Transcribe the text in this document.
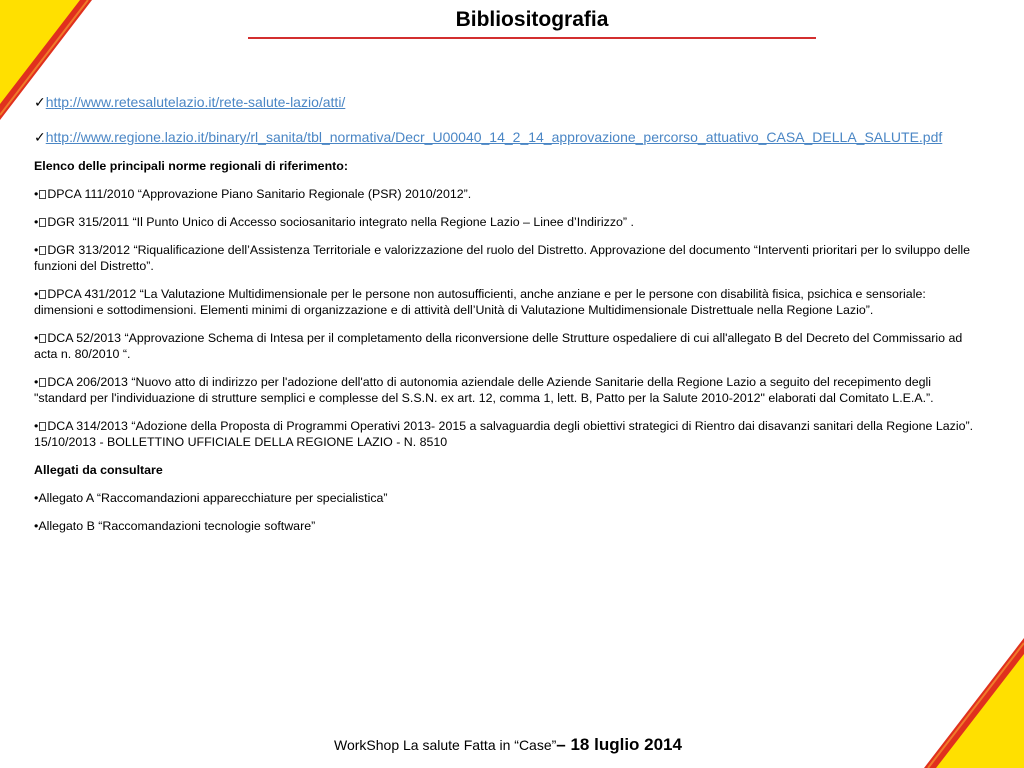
Bibliositografia
✓http://www.retesalutelazio.it/rete-salute-lazio/atti/
✓http://www.regione.lazio.it/binary/rl_sanita/tbl_normativa/Decr_U00040_14_2_14_approvazione_percorso_attuativo_CASA_DELLA_SALUTE.pdf
Elenco delle principali norme regionali di riferimento:
• DPCA 111/2010 “Approvazione Piano Sanitario Regionale (PSR) 2010/2012”.
• DGR 315/2011 “Il Punto Unico di Accesso sociosanitario integrato nella Regione Lazio – Linee d’Indirizzo” .
• DGR 313/2012 “Riqualificazione dell’Assistenza Territoriale e valorizzazione del ruolo del Distretto. Approvazione del documento “Interventi prioritari per lo sviluppo delle funzioni del Distretto”.
• DPCA 431/2012 “La Valutazione Multidimensionale per le persone non autosufficienti, anche anziane e per le persone con disabilità fisica, psichica e sensoriale: dimensioni e sottodimensioni. Elementi minimi di organizzazione e di attività dell’Unità di Valutazione Multidimensionale Distrettuale nella Regione Lazio”.
• DCA 52/2013 “Approvazione Schema di Intesa per il completamento della riconversione delle Strutture ospedaliere di cui all'allegato B del Decreto del Commissario ad acta n. 80/2010 “.
• DCA 206/2013 “Nuovo atto di indirizzo per l'adozione dell'atto di autonomia aziendale delle Aziende Sanitarie della Regione Lazio a seguito del recepimento degli "standard per l'individuazione di strutture semplici e complesse del S.S.N. ex art. 12, comma 1, lett. B, Patto per la Salute 2010-2012" elaborati dal Comitato L.E.A.”.
• DCA 314/2013 “Adozione della Proposta di Programmi Operativi 2013- 2015 a salvaguardia degli obiettivi strategici di Rientro dai disavanzi sanitari della Regione Lazio”. 15/10/2013 - BOLLETTINO UFFICIALE DELLA REGIONE LAZIO - N. 8510
Allegati da consultare
•Allegato A “Raccomandazioni apparecchiature per specialistica”
•Allegato B “Raccomandazioni tecnologie software”
WorkShop La salute Fatta in “Case”– 18 luglio 2014
